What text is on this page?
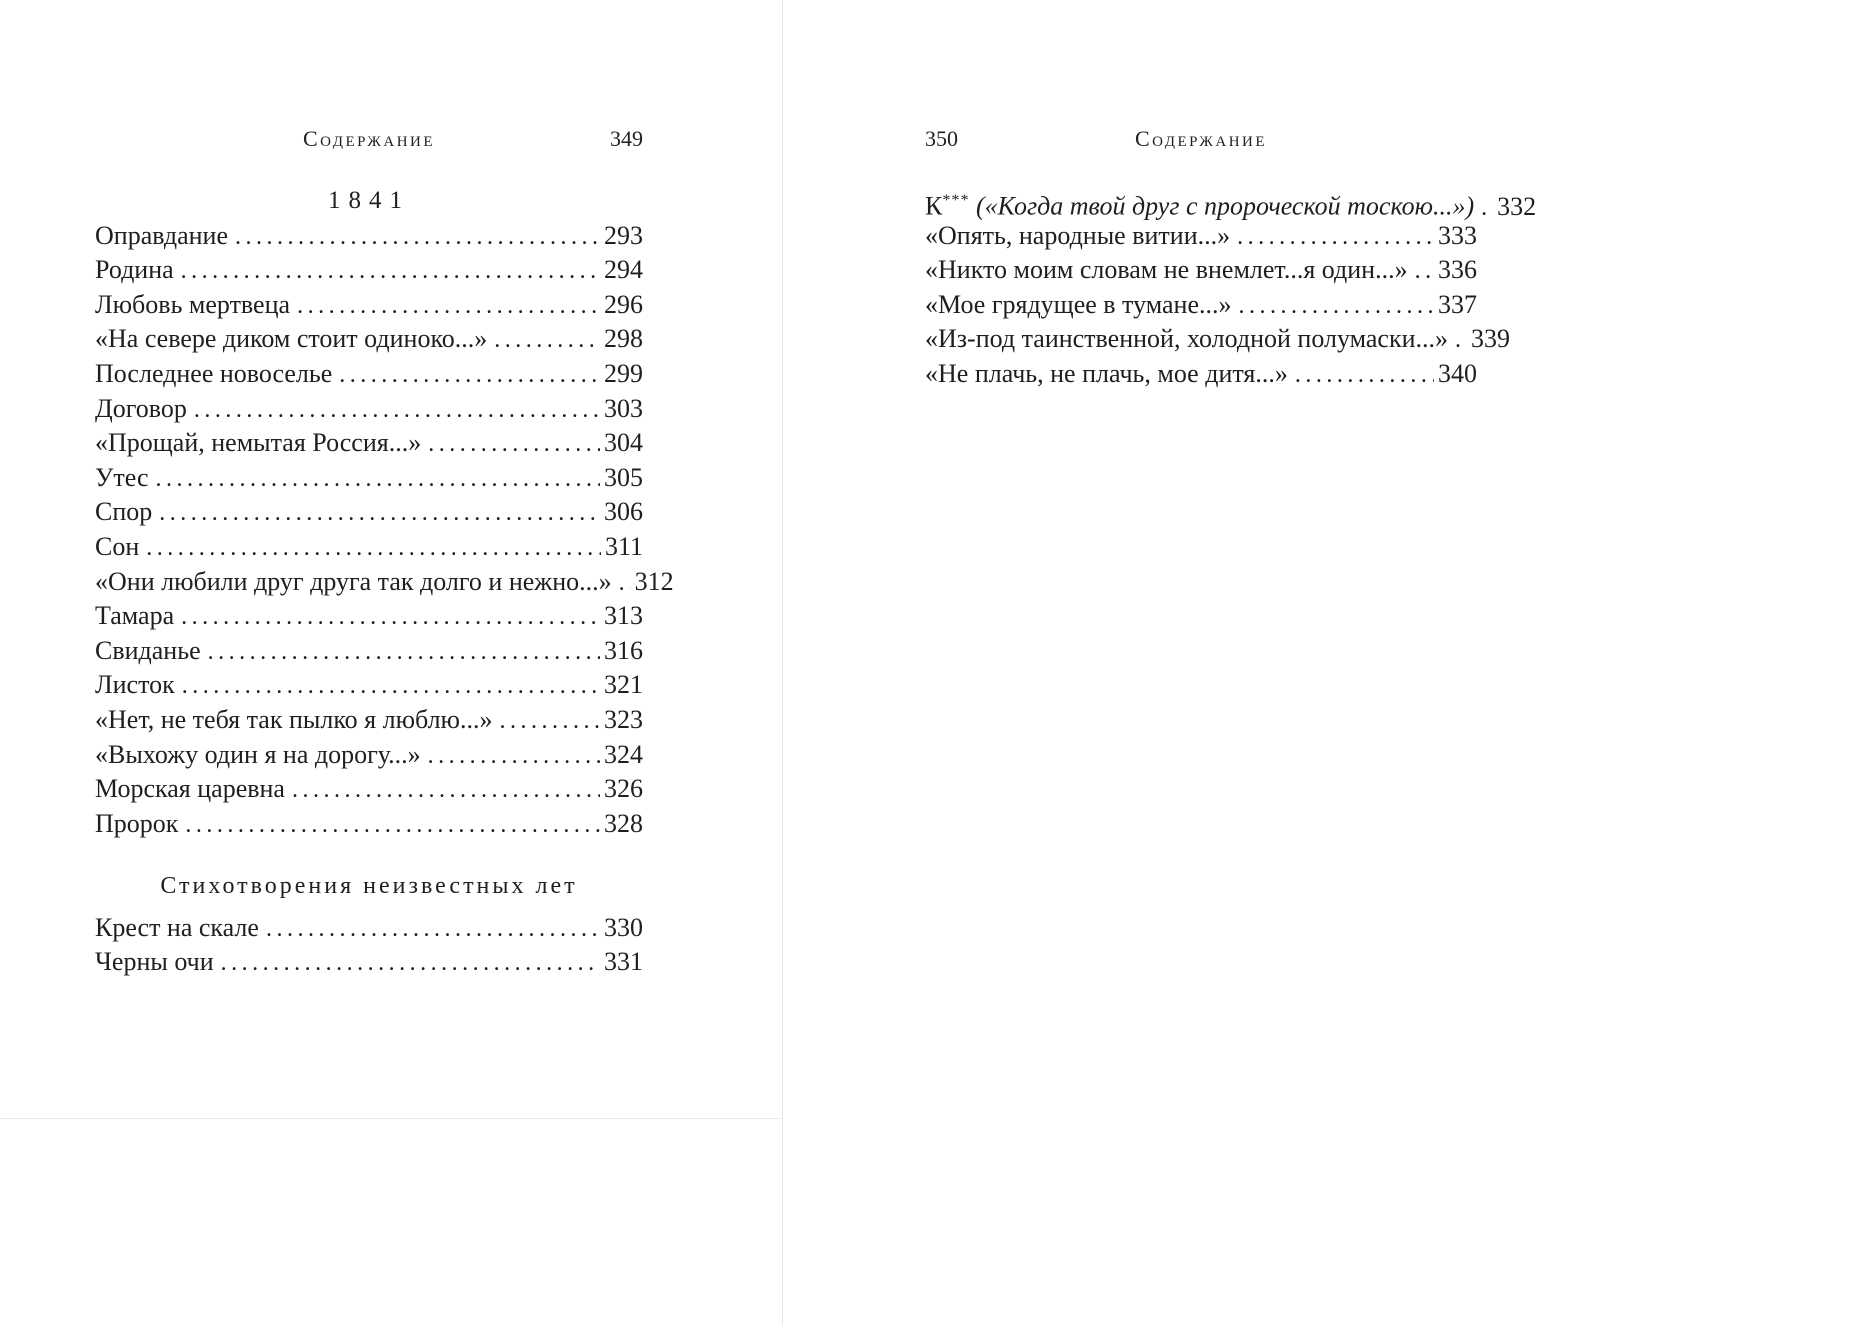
Содержание	349
1841
Оправдание .....	293
Родина .....	294
Любовь мертвеца .....	296
«На севере диком стоит одиноко...» .....	298
Последнее новоселье .....	299
Договор .....	303
«Прощай, немытая Россия...» .....	304
Утес .....	305
Спор .....	306
Сон .....	311
«Они любили друг друга так долго и нежно...» ..... 312
Тамара .....	313
Свиданье .....	316
Листок .....	321
«Нет, не тебя так пылко я люблю...» .....	323
«Выхожу один я на дорогу...» .....	324
Морская царевна .....	326
Пророк .....	328
Стихотворения неизвестных лет
Крест на скале .....	330
Черны очи .....	331
Содержание
350
К*** («Когда твой друг с пророческой тоскою...») ..... 332
«Опять, народные витии...» .....	333
«Никто моим словам не внемлет...я один...» ..... 336
«Мое грядущее в тумане...» .....	337
«Из-под таинственной, холодной полумаски...» ..... 339
«Не плачь, не плачь, мое дитя...» .....	340
